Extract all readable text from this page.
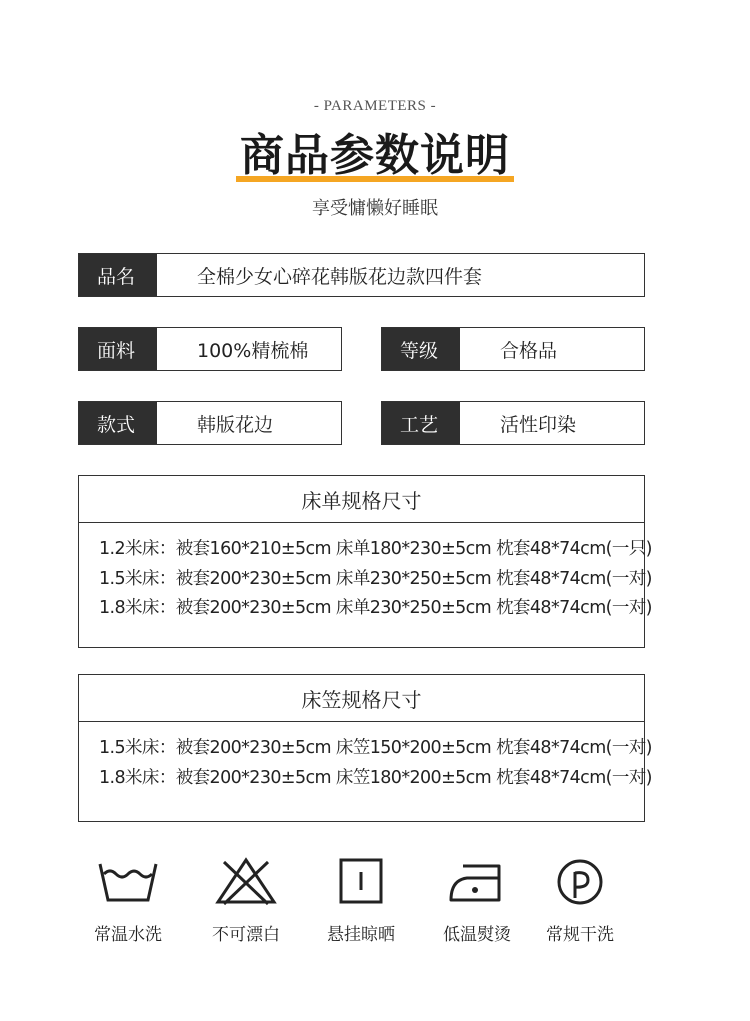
- PARAMETERS -
商品参数说明
享受慵懒好睡眠
品名	全棉少女心碎花韩版花边款四件套
面料	100%精梳棉	等级	合格品
款式	韩版花边	工艺	活性印染
床单规格尺寸
1.2米床：被套160*210±5cm 床单180*230±5cm 枕套48*74cm(一只)
1.5米床：被套200*230±5cm 床单230*250±5cm 枕套48*74cm(一对)
1.8米床：被套200*230±5cm 床单230*250±5cm 枕套48*74cm(一对)
床笠规格尺寸
1.5米床：被套200*230±5cm 床笠150*200±5cm 枕套48*74cm(一对)
1.8米床：被套200*230±5cm 床笠180*200±5cm 枕套48*74cm(一对)
常温水洗	不可漂白	悬挂晾晒	低温熨烫	常规干洗
